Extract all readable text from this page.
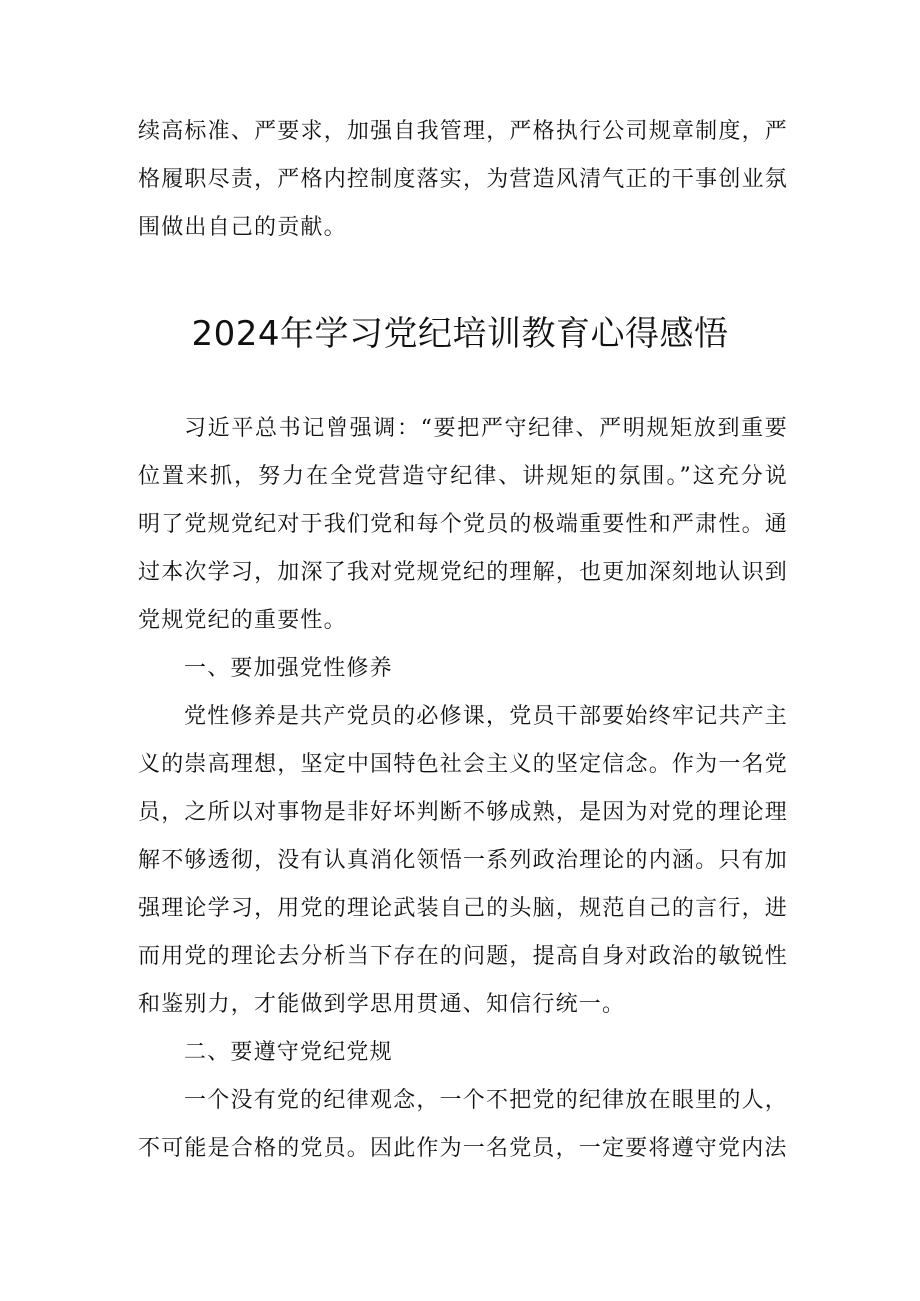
续高标准、严要求，加强自我管理，严格执行公司规章制度，严格履职尽责，严格内控制度落实，为营造风清气正的干事创业氛围做出自己的贡献。

2024年学习党纪培训教育心得感悟

习近平总书记曾强调：“要把严守纪律、严明规矩放到重要位置来抓，努力在全党营造守纪律、讲规矩的氛围。”这充分说明了党规党纪对于我们党和每个党员的极端重要性和严肃性。通过本次学习，加深了我对党规党纪的理解，也更加深刻地认识到党规党纪的重要性。

一、要加强党性修养

党性修养是共产党员的必修课，党员干部要始终牢记共产主义的崇高理想，坚定中国特色社会主义的坚定信念。作为一名党员，之所以对事物是非好坏判断不够成熟，是因为对党的理论理解不够透彻，没有认真消化领悟一系列政治理论的内涵。只有加强理论学习，用党的理论武装自己的头脑，规范自己的言行，进而用党的理论去分析当下存在的问题，提高自身对政治的敏锐性和鉴别力，才能做到学思用贯通、知信行统一。

二、要遵守党纪党规

一个没有党的纪律观念，一个不把党的纪律放在眼里的人，不可能是合格的党员。因此作为一名党员，一定要将遵守党内法
